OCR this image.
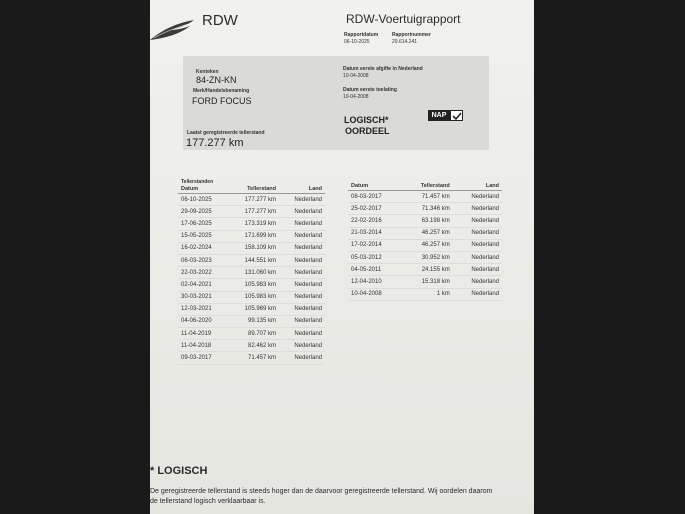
RDW	RDW-Voertuigrapport
Rapportdatum
06-10-2025
Rapportnummer
29.614.241
Kenteken
84-ZN-KN
Merk/Handelsbenaming
FORD FOCUS
Datum eerste afgifte in Nederland
10-04-2008
Datum eerste toelating
10-04-2008
LOGISCH*
OORDEEL
NAP
Laatst geregistreerde tellerstand
177.277 km
Tellerstanden
Datum	Tellerstand	Land
06-10-2025	177.277 km	Nederland
29-09-2025	177.277 km	Nederland
17-06-2025	173.319 km	Nederland
15-05-2025	171.699 km	Nederland
16-02-2024	158.109 km	Nederland
06-03-2023	144.551 km	Nederland
22-03-2022	131.060 km	Nederland
02-04-2021	105.983 km	Nederland
30-03-2021	105.983 km	Nederland
12-03-2021	105.969 km	Nederland
04-06-2020	99.135 km	Nederland
11-04-2019	89.707 km	Nederland
11-04-2018	82.462 km	Nederland
09-03-2017	71.457 km	Nederland
Datum	Tellerstand	Land
08-03-2017	71.457 km	Nederland
25-02-2017	71.346 km	Nederland
22-02-2016	63.198 km	Nederland
21-03-2014	46.257 km	Nederland
17-02-2014	46.257 km	Nederland
05-03-2012	30.952 km	Nederland
04-05-2011	24.155 km	Nederland
12-04-2010	15.318 km	Nederland
10-04-2008	1 km	Nederland
* LOGISCH
De geregistreerde tellerstand is steeds hoger dan de daarvoor geregistreerde tellerstand. Wij oordelen daarom
de tellerstand logisch verklaarbaar is.
